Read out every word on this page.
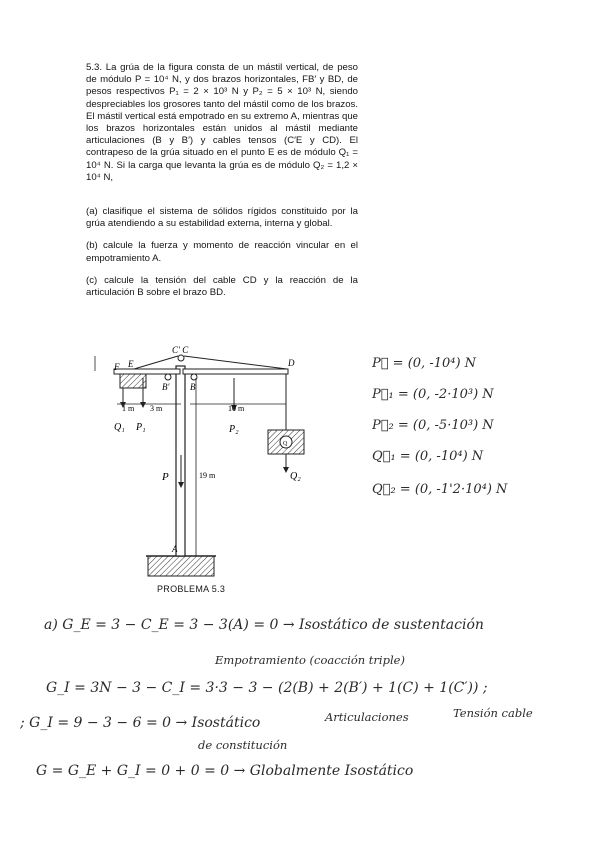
5.3. La grúa de la figura consta de un mástil vertical, de peso de módulo P = 10⁴ N, y dos brazos horizontales, FB′ y BD, de pesos respectivos P₁ = 2 × 10³ N y P₂ = 5 × 10³ N, siendo despreciables los grosores tanto del mástil como de los brazos. El mástil vertical está empotrado en su extremo A, mientras que los brazos horizontales están unidos al mástil mediante articulaciones (B y B′) y cables tensos (C′E y CD). El contrapeso de la grúa situado en el punto E es de módulo Q₁ = 10⁴ N. Si la carga que levanta la grúa es de módulo Q₂ = 1,2 × 10⁴ N,

(a) clasifique el sistema de sólidos rígidos constituido por la grúa atendiendo a su estabilidad externa, interna y global.

(b) calcule la fuerza y momento de reacción vincular en el empotramiento A.

(c) calcule la tensión del cable CD y la reacción de la articulación B sobre el brazo BD.

C′ C
D
E
F
B′ B
A
1 m 3 m	10 m
19 m
Q₁ P₁	P₂
P	Q₂
Q
PROBLEMA 5.3
P⃗ = (0, -10⁴) N
P⃗₁ = (0, -2·10³) N
P⃗₂ = (0, -5·10³) N
Q⃗₁ = (0, -10⁴) N
Q⃗₂ = (0, -1'2·10⁴) N
a) G_E = 3 − C_E = 3 − 3(A) = 0 → Isostático de sustentación
Empotramiento (coacción triple)
G_I = 3N − 3 − C_I = 3·3 − 3 − (2(B) + 2(B′) + 1(C) + 1(C′)) ;
Articulaciones	Tensión cable
; G_I = 9 − 3 − 6 = 0 → Isostático
de constitución
G = G_E + G_I = 0 + 0 = 0 → Globalmente Isostático
